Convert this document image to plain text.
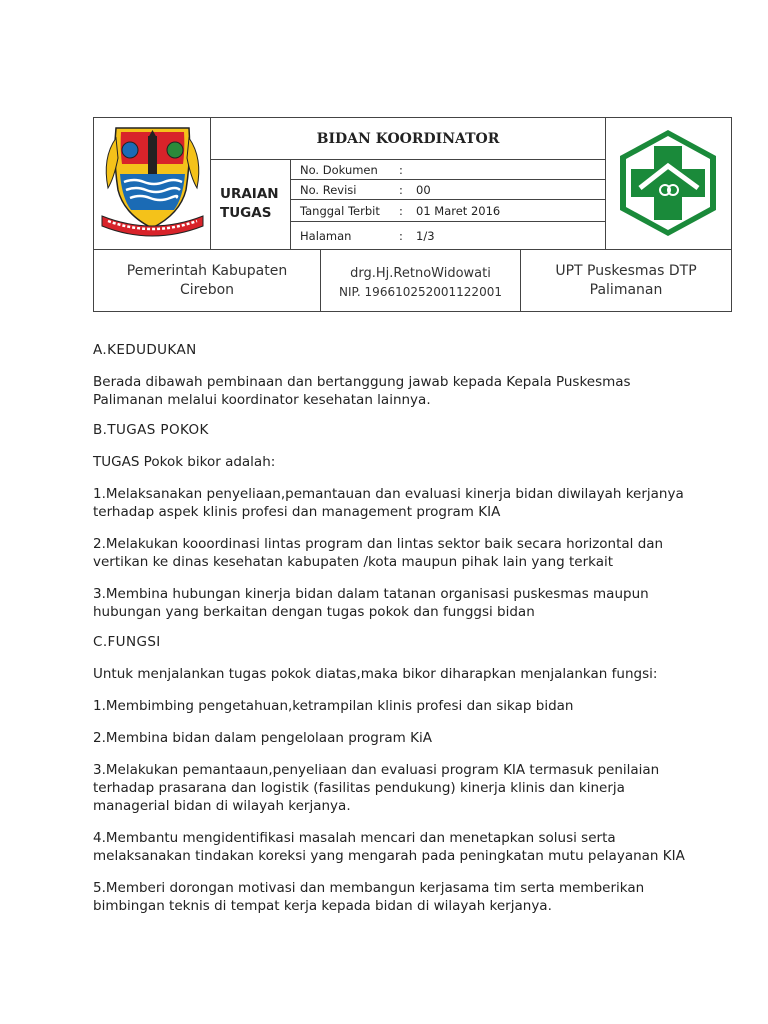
BIDAN KOORDINATOR
URAIAN
TUGAS
No. Dokumen :
No. Revisi	: 00
Tanggal Terbit : 01 Maret 2016
Halaman	: 1/3
Pemerintah Kabupaten
Cirebon
drg.Hj.RetnoWidowati
NIP. 196610252001122001
UPT Puskesmas DTP
Palimanan
A.KEDUDUKAN

Berada dibawah pembinaan dan bertanggung jawab kepada Kepala Puskesmas Palimanan melalui koordinator kesehatan lainnya.

B.TUGAS POKOK

TUGAS Pokok bikor adalah:

1.Melaksanakan penyeliaan,pemantauan dan evaluasi kinerja bidan diwilayah kerjanya terhadap aspek klinis profesi dan management program KIA

2.Melakukan kooordinasi lintas program dan lintas sektor baik secara horizontal dan vertikan ke dinas kesehatan kabupaten /kota maupun pihak lain yang terkait

3.Membina hubungan kinerja bidan dalam tatanan organisasi puskesmas maupun hubungan yang berkaitan dengan tugas pokok dan funggsi bidan

C.FUNGSI

Untuk menjalankan tugas pokok diatas,maka bikor diharapkan menjalankan fungsi:

1.Membimbing pengetahuan,ketrampilan klinis profesi dan sikap bidan

2.Membina bidan dalam pengelolaan program KiA

3.Melakukan pemantaaun,penyeliaan dan evaluasi program KIA termasuk penilaian terhadap prasarana dan logistik (fasilitas pendukung) kinerja klinis dan kinerja managerial bidan di wilayah kerjanya.

4.Membantu mengidentifikasi masalah mencari dan menetapkan solusi serta melaksanakan tindakan koreksi yang mengarah pada peningkatan mutu pelayanan KIA

5.Memberi dorongan motivasi dan membangun kerjasama tim serta memberikan bimbingan teknis di tempat kerja kepada bidan di wilayah kerjanya.
